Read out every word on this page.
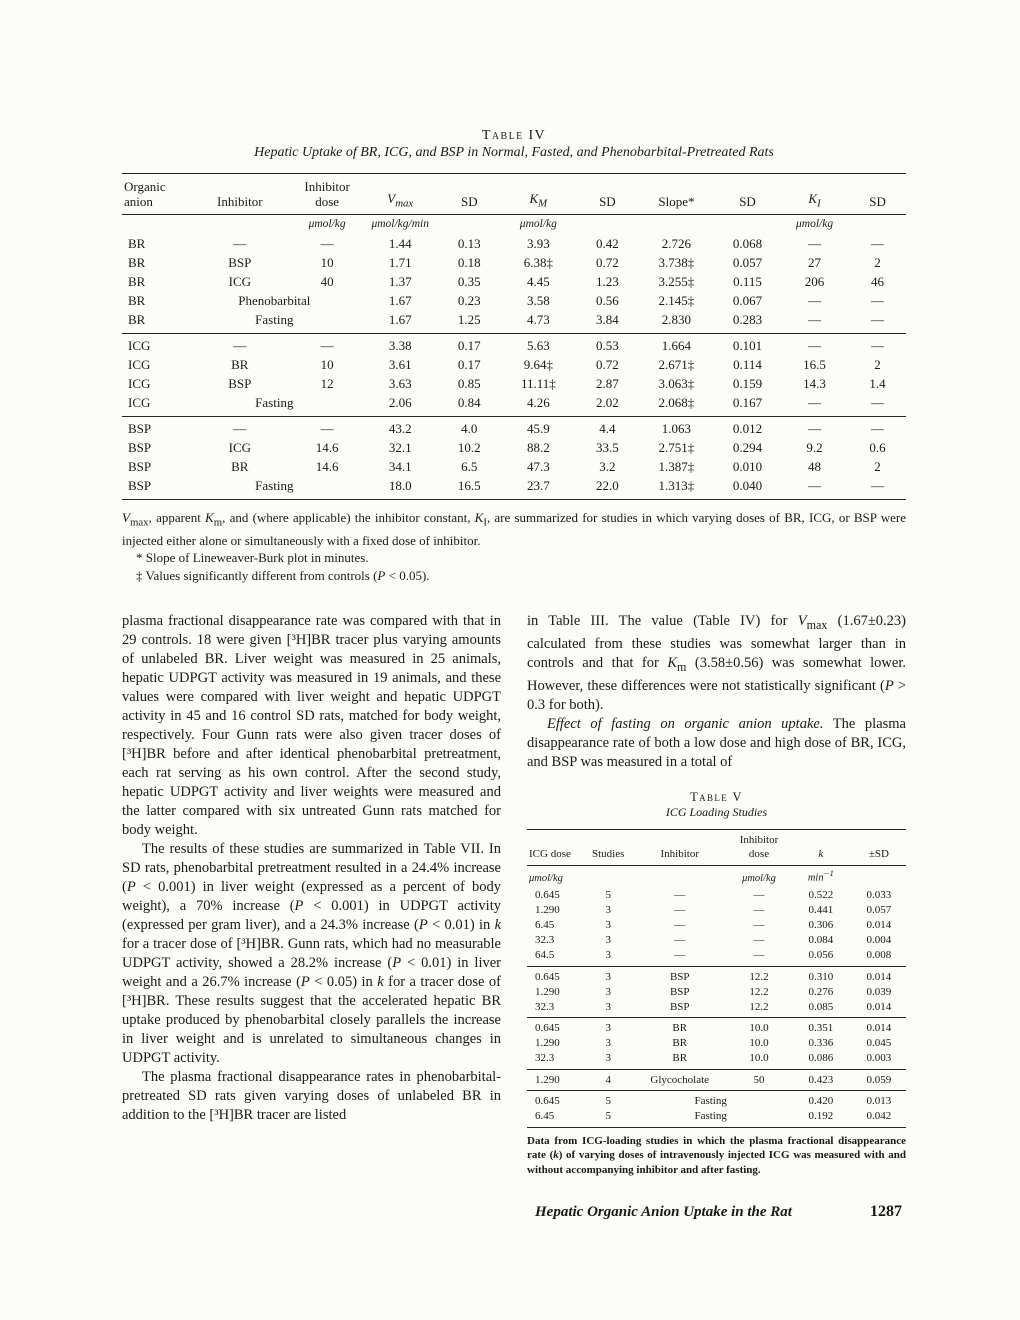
Table IV
Hepatic Uptake of BR, ICG, and BSP in Normal, Fasted, and Phenobarbital-Pretreated Rats
Organic anion	Inhibitor	Inhibitor dose	$V_{max}$	SD	$K_M$	SD	Slope*	SD	$K_I$	SD
		μmol/kg	μmol/kg/min		μmol/kg				μmol/kg	
BR	—	—	1.44	0.13	3.93	0.42	2.726	0.068	—	—
BR	BSP	10	1.71	0.18	6.38‡	0.72	3.738‡	0.057	27	2
BR	ICG	40	1.37	0.35	4.45	1.23	3.255‡	0.115	206	46
BR	Phenobarbital		1.67	0.23	3.58	0.56	2.145‡	0.067	—	—
BR	Fasting		1.67	1.25	4.73	3.84	2.830	0.283	—	—
ICG	—	—	3.38	0.17	5.63	0.53	1.664	0.101	—	—
ICG	BR	10	3.61	0.17	9.64‡	0.72	2.671‡	0.114	16.5	2
ICG	BSP	12	3.63	0.85	11.11‡	2.87	3.063‡	0.159	14.3	1.4
ICG	Fasting		2.06	0.84	4.26	2.02	2.068‡	0.167	—	—
BSP	—	—	43.2	4.0	45.9	4.4	1.063	0.012	—	—
BSP	ICG	14.6	32.1	10.2	88.2	33.5	2.751‡	0.294	9.2	0.6
BSP	BR	14.6	34.1	6.5	47.3	3.2	1.387‡	0.010	48	2
BSP	Fasting		18.0	16.5	23.7	22.0	1.313‡	0.040	—	—

$V_{max}$, apparent $K_m$, and (where applicable) the inhibitor constant, $K_I$, are summarized for studies in which varying doses of BR, ICG, or BSP were injected either alone or simultaneously with a fixed dose of inhibitor.

* Slope of Lineweaver-Burk plot in minutes.

‡ Values significantly different from controls (P < 0.05).

plasma fractional disappearance rate was compared with that in 29 controls. 18 were given [³H]BR tracer plus varying amounts of unlabeled BR. Liver weight was measured in 25 animals, hepatic UDPGT activity was measured in 19 animals, and these values were compared with liver weight and hepatic UDPGT activity in 45 and 16 control SD rats, matched for body weight, respectively. Four Gunn rats were also given tracer doses of [³H]BR before and after identical phenobarbital pretreatment, each rat serving as his own control. After the second study, hepatic UDPGT activity and liver weights were measured and the latter compared with six untreated Gunn rats matched for body weight.

The results of these studies are summarized in Table VII. In SD rats, phenobarbital pretreatment resulted in a 24.4% increase (P < 0.001) in liver weight (expressed as a percent of body weight), a 70% increase (P < 0.001) in UDPGT activity (expressed per gram liver), and a 24.3% increase (P < 0.01) in k for a tracer dose of [³H]BR. Gunn rats, which had no measurable UDPGT activity, showed a 28.2% increase (P < 0.01) in liver weight and a 26.7% increase (P < 0.05) in k for a tracer dose of [³H]BR. These results suggest that the accelerated hepatic BR uptake produced by phenobarbital closely parallels the increase in liver weight and is unrelated to simultaneous changes in UDPGT activity.

The plasma fractional disappearance rates in phenobarbital-pretreated SD rats given varying doses of unlabeled BR in addition to the [³H]BR tracer are listed

in Table III. The value (Table IV) for $V_{max}$ (1.67±0.23) calculated from these studies was somewhat larger than in controls and that for $K_m$ (3.58±0.56) was somewhat lower. However, these differences were not statistically significant (P > 0.3 for both).

Effect of fasting on organic anion uptake. The plasma disappearance rate of both a low dose and high dose of BR, ICG, and BSP was measured in a total of

Table V
ICG Loading Studies
ICG dose	Studies	Inhibitor	Inhibitor dose	k	±SD
μmol/kg			μmol/kg	$\min^{-1}$	
0.645	5	—	—	0.522	0.033
1.290	3	—	—	0.441	0.057
6.45	3	—	—	0.306	0.014
32.3	3	—	—	0.084	0.004
64.5	3	—	—	0.056	0.008
0.645	3	BSP	12.2	0.310	0.014
1.290	3	BSP	12.2	0.276	0.039
32.3	3	BSP	12.2	0.085	0.014
0.645	3	BR	10.0	0.351	0.014
1.290	3	BR	10.0	0.336	0.045
32.3	3	BR	10.0	0.086	0.003
1.290	4	Glycocholate	50	0.423	0.059
0.645	5	Fasting		0.420	0.013
6.45	5	Fasting		0.192	0.042

Data from ICG-loading studies in which the plasma fractional disappearance rate (k) of varying doses of intravenously injected ICG was measured with and without accompanying inhibitor and after fasting.

Hepatic Organic Anion Uptake in the Rat	1287
